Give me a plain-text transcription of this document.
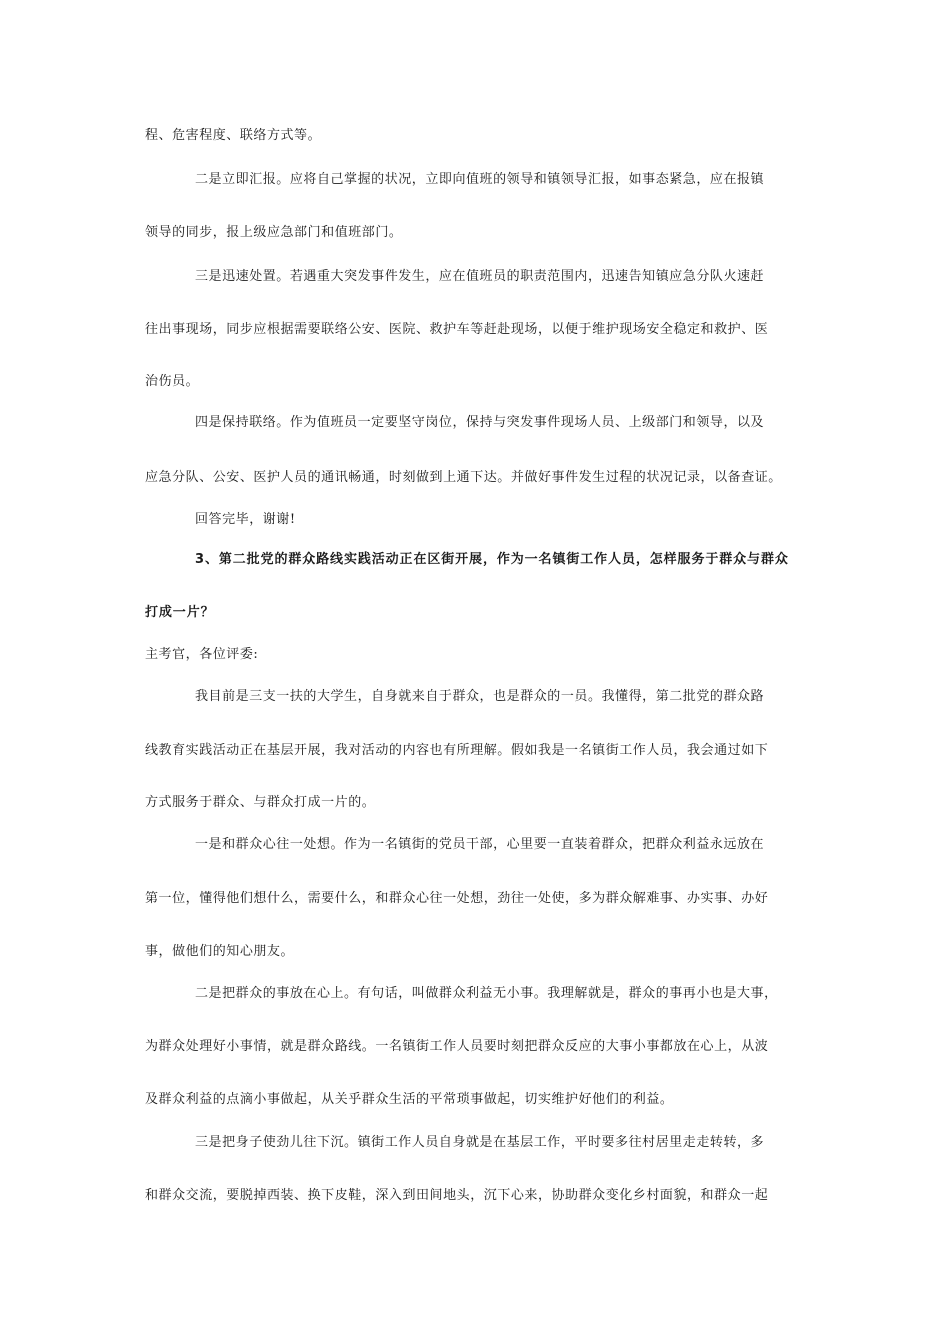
程、危害程度、联络方式等。
二是立即汇报。应将自己掌握的状况，立即向值班的领导和镇领导汇报，如事态紧急，应在报镇
领导的同步，报上级应急部门和值班部门。
三是迅速处置。若遇重大突发事件发生，应在值班员的职责范围内，迅速告知镇应急分队火速赶
往出事现场，同步应根据需要联络公安、医院、救护车等赶赴现场，以便于维护现场安全稳定和救护、医
治伤员。
四是保持联络。作为值班员一定要坚守岗位，保持与突发事件现场人员、上级部门和领导，以及
应急分队、公安、医护人员的通讯畅通，时刻做到上通下达。并做好事件发生过程的状况记录，以备查证。
回答完毕，谢谢!
3、第二批党的群众路线实践活动正在区街开展，作为一名镇街工作人员，怎样服务于群众与群众
打成一片？
主考官，各位评委:
我目前是三支一扶的大学生，自身就来自于群众，也是群众的一员。我懂得，第二批党的群众路
线教育实践活动正在基层开展，我对活动的内容也有所理解。假如我是一名镇街工作人员，我会通过如下
方式服务于群众、与群众打成一片的。
一是和群众心往一处想。作为一名镇街的党员干部，心里要一直装着群众，把群众利益永远放在
第一位，懂得他们想什么，需要什么，和群众心往一处想，劲往一处使，多为群众解难事、办实事、办好
事，做他们的知心朋友。
二是把群众的事放在心上。有句话，叫做群众利益无小事。我理解就是，群众的事再小也是大事，
为群众处理好小事情，就是群众路线。一名镇街工作人员要时刻把群众反应的大事小事都放在心上，从波
及群众利益的点滴小事做起，从关乎群众生活的平常琐事做起，切实维护好他们的利益。
三是把身子使劲儿往下沉。镇街工作人员自身就是在基层工作，平时要多往村居里走走转转，多
和群众交流，要脱掉西装、换下皮鞋，深入到田间地头，沉下心来，协助群众变化乡村面貌，和群众一起
